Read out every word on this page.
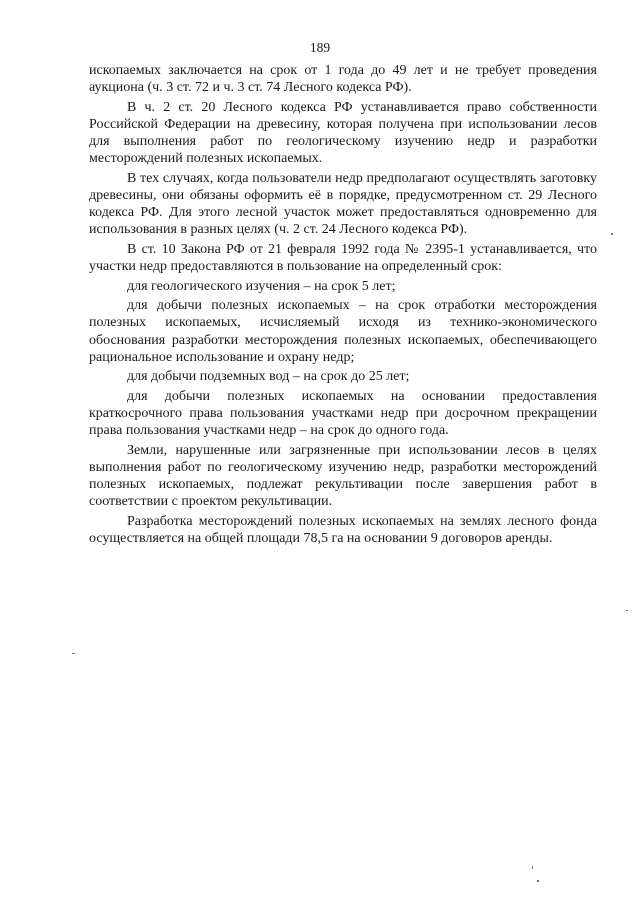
189

ископаемых заключается на срок от 1 года до 49 лет и не требует проведения аукциона (ч. 3 ст. 72 и ч. 3 ст. 74 Лесного кодекса РФ).

В ч. 2 ст. 20 Лесного кодекса РФ устанавливается право собственности Российской Федерации на древесину, которая получена при использовании лесов для выполнения работ по геологическому изучению недр и разработки месторождений полезных ископаемых.

В тех случаях, когда пользователи недр предполагают осуществлять заготовку древесины, они обязаны оформить её в порядке, предусмотренном ст. 29 Лесного кодекса РФ. Для этого лесной участок может предоставляться одновременно для использования в разных целях (ч. 2 ст. 24 Лесного кодекса РФ).

В ст. 10 Закона РФ от 21 февраля 1992 года № 2395-1 устанавливается, что участки недр предоставляются в пользование на определенный срок:

для геологического изучения – на срок 5 лет;

для добычи полезных ископаемых – на срок отработки месторождения полезных ископаемых, исчисляемый исходя из технико-экономического обоснования разработки месторождения полезных ископаемых, обеспечивающего рациональное использование и охрану недр;

для добычи подземных вод – на срок до 25 лет;

для добычи полезных ископаемых на основании предоставления краткосрочного права пользования участками недр при досрочном прекращении права пользования участками недр – на срок до одного года.

Земли, нарушенные или загрязненные при использовании лесов в целях выполнения работ по геологическому изучению недр, разработки месторождений полезных ископаемых, подлежат рекультивации после завершения работ в соответствии с проектом рекультивации.

Разработка месторождений полезных ископаемых на землях лесного фонда осуществляется на общей площади 78,5 га на основании 9 договоров аренды.
